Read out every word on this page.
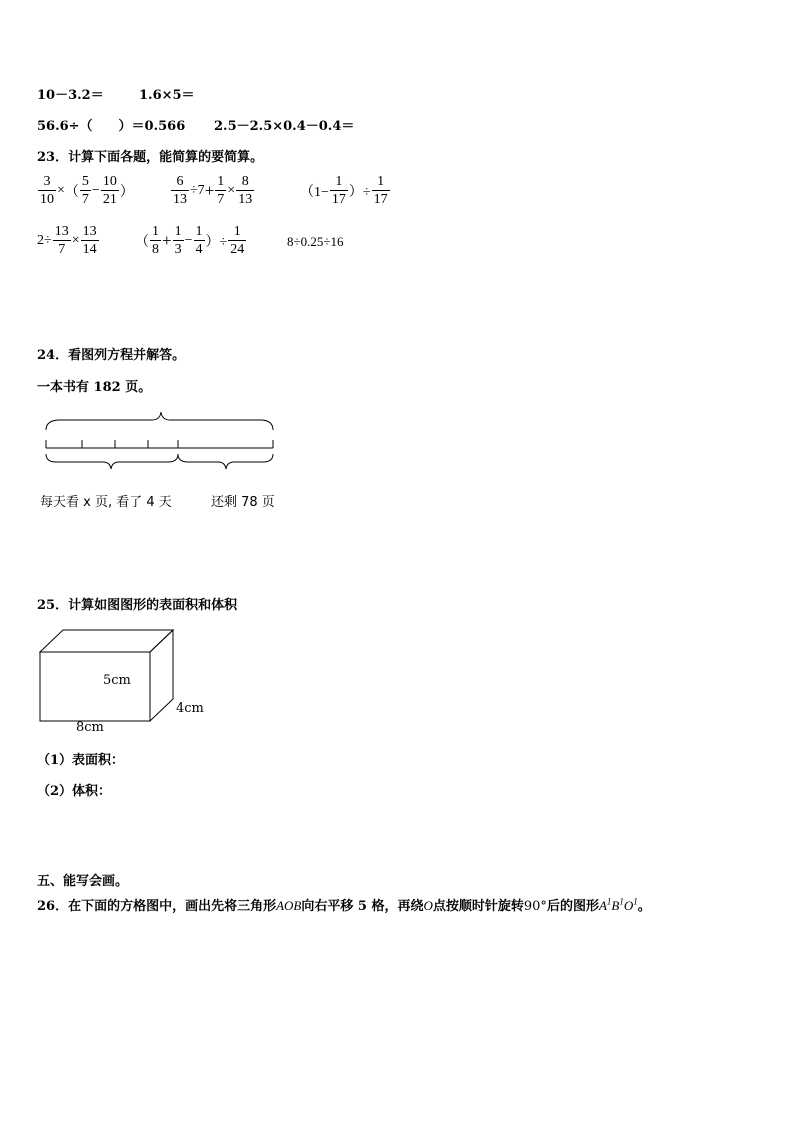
10－3.2＝	1.6×5＝
56.6÷（　　）＝0.566 2.5－2.5×0.4－0.4＝
23．计算下面各题，能简算的要简算。
$\frac{3}{10}$ ×（ $\frac{5}{7} - \frac{10}{21}$ ）	$\frac{6}{13} \div 7+ \frac{1}{7} \times \frac{8}{13}$	（$1- \frac{1}{17}$ ）÷ $\frac{1}{17}$
$2\div \frac{13}{7} \times \frac{13}{14}$	（ $\frac{1}{8} + \frac{1}{3} - \frac{1}{4}$ ）÷ $\frac{1}{24}$	8÷0.25÷16
24．看图列方程并解答。
一本书有 182 页。
每天看 x 页, 看了 4 天	还剩 78 页
25．计算如图图形的表面积和体积
5cm
4cm
8cm
（1）表面积：
（2）体积：
五、能写会画。
26．在下面的方格图中，画出先将三角形AOB向右平移 5 格，再绕O点按顺时针旋转90°后的图形$A^1B^1O^1$。
